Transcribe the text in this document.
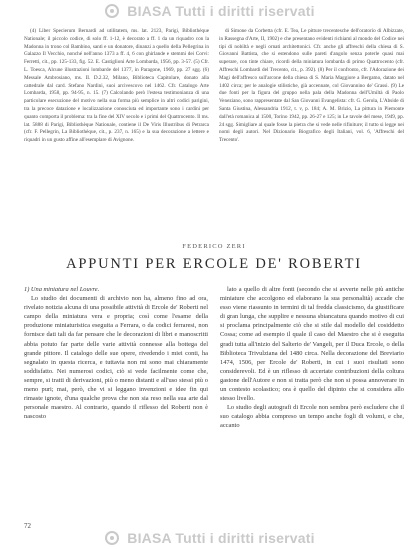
BIASA Tutti i diritti riservati

(4) Liber Specierum Bernardi ad utilitatem, ms. lat. 2123, Parigi, Bibliothèque Nationale; il piccolo codice, di solo ff. 1-12, è decorato a ff. 1 da un riquadro con la Madonna in trono col Bambino, santi e un donatore, dinanzi a quello della Pellegrina in Galazzo Il Vecchio, nonché nell'anno 1373 a ff. 4, 6 con ghirlande e stemmi dei Corvi: Ferretti, cit., pp. 125-133, fig. 52. E. Castiglioni Arte Lombarda, 1956, pp. 3-57. (5) Cfr. L. Toesca, Alcune illustrazioni lombarde del 1377, in Paragone, 1969, pp. 27 sgg. (6) Messale Ambrosiano, ms. II. D.2.32, Milano, Biblioteca Capitolare, donato alla cattedrale dal card. Stefano Nardini, suoi arcivescovo nel 1462. Cfr. Catalogo Arte Lombarda, 1958, pp. 94-95, n. 15. (7) Calcolando però l'estesa testimonianza di una particolare esecuzione del motivo nella sua forma più semplice in altri codici parigini, tra la precoce datazione e localizzazione conosciuta ed importante sono i cardini per quanto comporta il problema: tra la fine del XIV secolo e i primi del Quattrocento. Il ms. lat. 5888 di Parigi, Bibliothèque Nationale, contiene il De Viris Illustribus di Petrarca (cfr. F. Pellegrin, La Bibliothèque, cit., p. 237, n. 165) e la sua decorazione a lettere e riquadri in un gusto affine all'esemplare di Avignone.

di Simone da Corbetta (cfr. E. Tea, Le pitture trecentesche dell'oratorio di Albizzate, in Rassegna d'Arte, II, 1902) e che presentano evidenti richiami al mondo del Codice nei tipi di nobiltà e negli ornati architettonici. Cfr. anche gli affreschi della chiesa di S. Giovanni Battista, che si estendono sulle pareti d'angolo senza poterle quasi mai superare, con tinte chiare, ricordi della miniatura lombarda di primo Quattrocento (cfr. Affreschi Lombardi del Trecento, cit., p. 392). (8) Per il confronto, cfr. l'Adorazione dei Magi dell'affresco sull'arcone della chiesa di S. Maria Maggiore a Bergamo, datato nel 1402 circa; per le analogie stilistiche, già accennate, col Giovannino de' Grassi. (9) Le due fonti per la figura del gruppo nella pala della Madonna dell'Umiltà di Paolo Veneziano, sono rappresentate dal San Giovanni Evangelista: cfr. G. Gerola, L'Abside di Santa Giustina, Alessandria 1912, t. v, p. 184; A. M. Brizio, La pittura in Piemonte dall'età romanica al 1500, Torino 1942, pp. 26-27 e 125; in Le tavole del mese, 1949, pp. 24 sgg. Simigliare al quale fosse la pietra che si vede nelle rifiniture; il tutto si legge nei nomi degli autori. Nel Dizionario Biografico degli Italiani, vol. 6, 'Affreschi del Trecento'.

FEDERICO ZERI
APPUNTI PER ERCOLE DE' ROBERTI

1) Una miniatura nel Louvre.

Lo studio dei documenti di archivio non ha, almeno fino ad ora, rivelato notizia alcuna di una possibile attività di Ercole de' Roberti nel campo della miniatura vera e propria; così come l'esame della produzione miniaturistica eseguita a Ferrara, o da codici ferraresi, non fornisce dati tali da far pensare che le decorazioni di libri e manoscritti abbia potuto far parte delle varie attività connesse alla bottega del grande pittore. Il catalogo delle sue opere, rivedendo i miei conti, ha segnalato in questa ricerca, e tuttavia non mi sono mai chiaramente soddisfatto. Nei numerosi codici, ciò si vede facilmente come che, sempre, si tratti di derivazioni, più o meno distanti e all'uso stessi più o meno puri; mai, però, che vi si leggano invenzioni e idee fin qui rimaste ignote, d'una qualche prova che non sia reso nella sua arte dal personale maestro. Al contrario, quando il riflesso del Roberti non è nascosto

lato a quello di altre fonti (secondo che si avverte nelle più antiche miniature che accolgono ed elaborano la sua personalità) accade che esso viene riassunto in termini di tal fredda classicismo, da giustificare di gran lunga, che supplire e nessuna sbiancatura quando motivo di cui si proclama principalmente ciò che si stile dal modello del cosiddetto Cossa; come ad esempio il quale il caso del Maestro che si è eseguita gradi tutta all'inizio del Salterio de' Vangeli, per il Duca Ercole, o della Biblioteca Trivulziana del 1480 circa. Nella decorazione del Breviario 1474, 1506, per Ercole de' Roberti, in cui i suoi risultati sono considerevoli. Ed è un riflesso di accertate contribuzioni della coltura gastone dell'Autore e non si tratta però che non si possa annoverare in un contesto scolastico; ora è quello del dipinto che si considera allo stesso livello.

Lo studio degli autografi di Ercole non sembra però escludere che il suo catalogo abbia compreso un tempo anche fogli di volumi, e che, accanto

72
BIASA Tutti i diritti riservati
